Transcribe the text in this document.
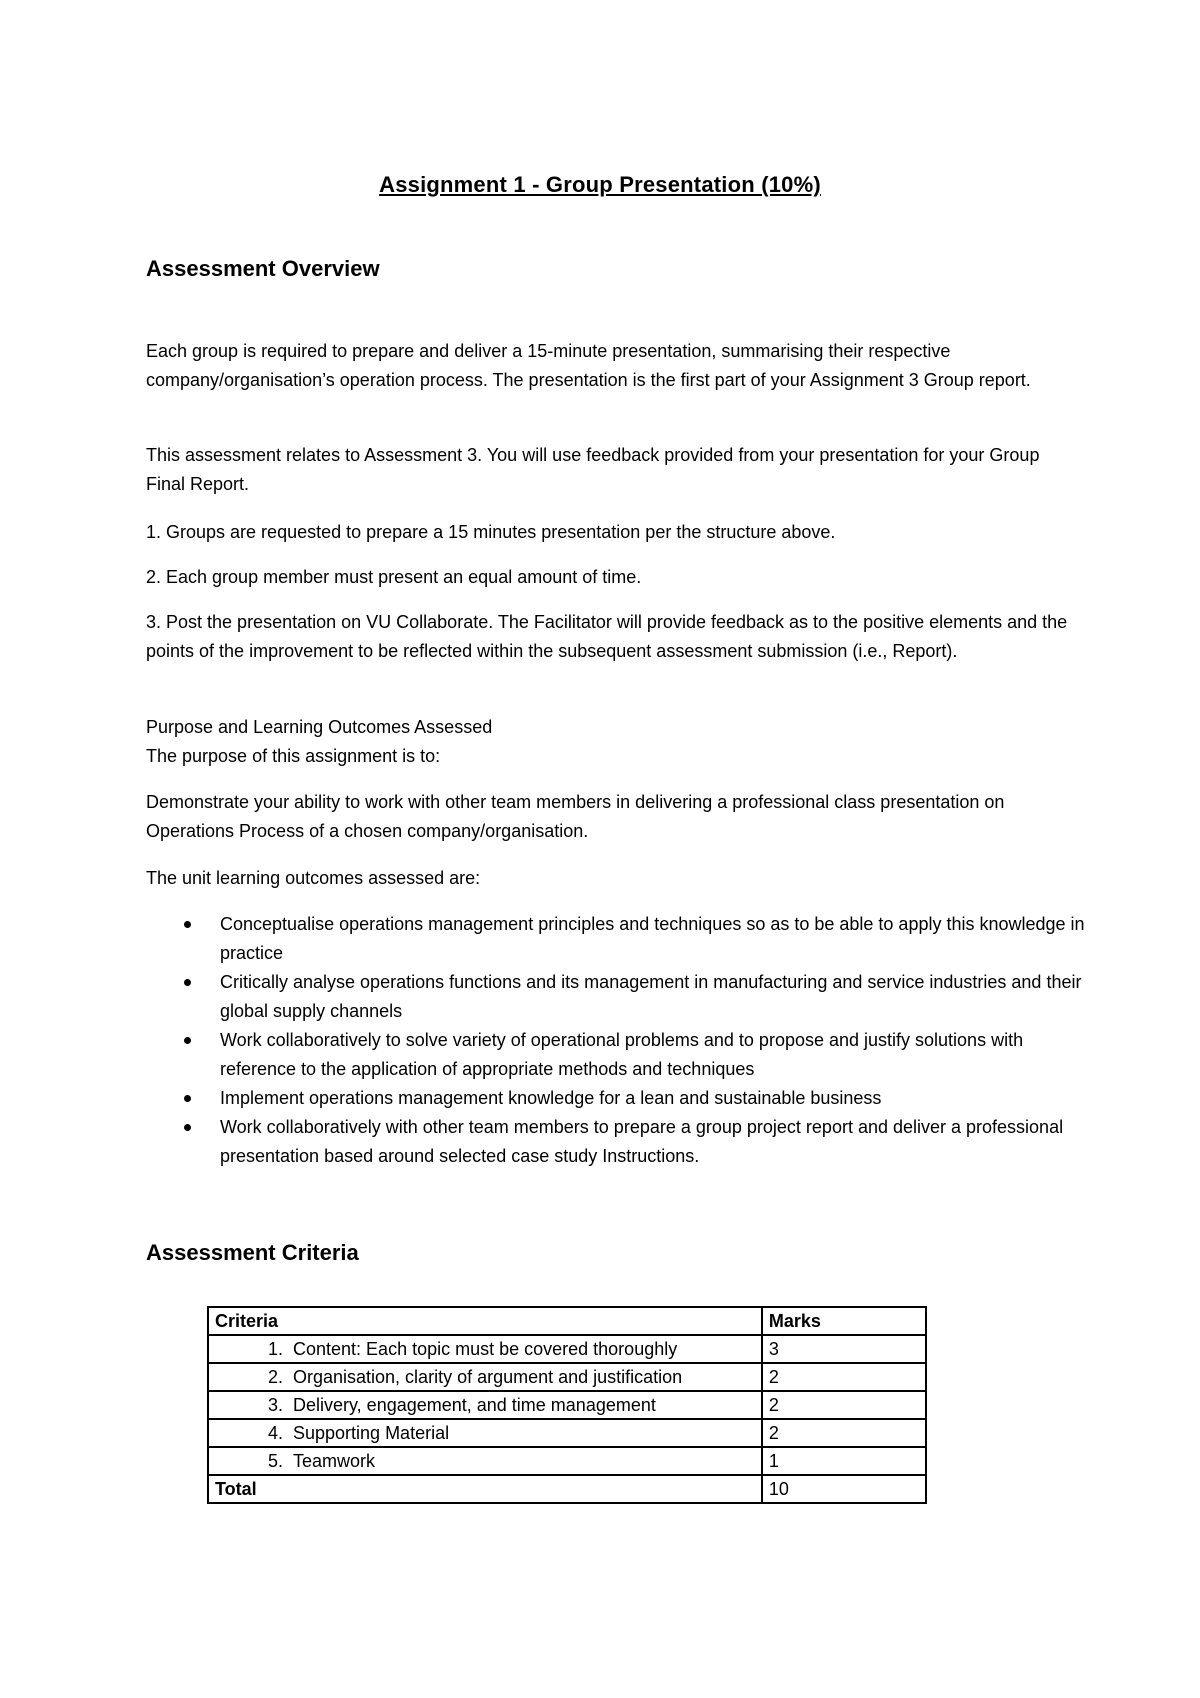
Assignment 1 - Group Presentation (10%)
Assessment Overview
Each group is required to prepare and deliver a 15-minute presentation, summarising their respective company/organisation’s operation process. The presentation is the first part of your Assignment 3 Group report.
This assessment relates to Assessment 3. You will use feedback provided from your presentation for your Group Final Report.
1. Groups are requested to prepare a 15 minutes presentation per the structure above.
2. Each group member must present an equal amount of time.
3. Post the presentation on VU Collaborate. The Facilitator will provide feedback as to the positive elements and the points of the improvement to be reflected within the subsequent assessment submission (i.e., Report).
Purpose and Learning Outcomes Assessed
The purpose of this assignment is to:
Demonstrate your ability to work with other team members in delivering a professional class presentation on Operations Process of a chosen company/organisation.
The unit learning outcomes assessed are:
Conceptualise operations management principles and techniques so as to be able to apply this knowledge in practice
Critically analyse operations functions and its management in manufacturing and service industries and their global supply channels
Work collaboratively to solve variety of operational problems and to propose and justify solutions with reference to the application of appropriate methods and techniques
Implement operations management knowledge for a lean and sustainable business
Work collaboratively with other team members to prepare a group project report and deliver a professional presentation based around selected case study Instructions.
Assessment Criteria
Criteria	Marks
1. Content: Each topic must be covered thoroughly	3
2. Organisation, clarity of argument and justification	2
3. Delivery, engagement, and time management	2
4. Supporting Material	2
5. Teamwork	1
Total	10
